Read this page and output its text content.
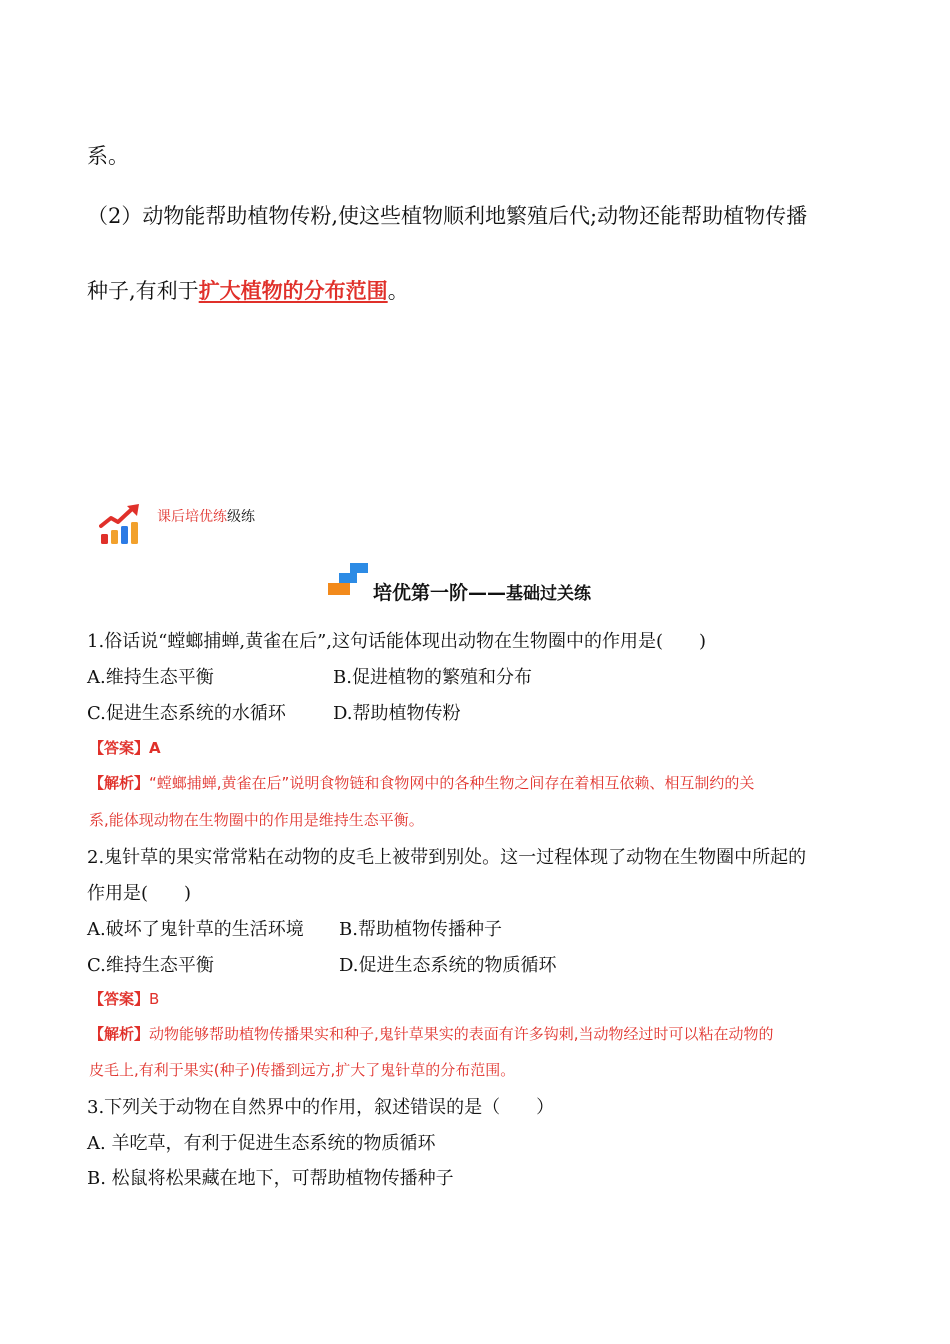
系。
（2）动物能帮助植物传粉,使这些植物顺利地繁殖后代;动物还能帮助植物传播
种子,有利于扩大植物的分布范围。
课后培优练级练
培优第一阶——基础过关练
1.俗话说“螳螂捕蝉,黄雀在后”,这句话能体现出动物在生物圈中的作用是(　　)
A.维持生态平衡	B.促进植物的繁殖和分布
C.促进生态系统的水循环	D.帮助植物传粉
【答案】A
【解析】“螳螂捕蝉,黄雀在后”说明食物链和食物网中的各种生物之间存在着相互依赖、相互制约的关
系,能体现动物在生物圈中的作用是维持生态平衡。
2.鬼针草的果实常常粘在动物的皮毛上被带到别处。这一过程体现了动物在生物圈中所起的
作用是(　　)
A.破坏了鬼针草的生活环境 B.帮助植物传播种子
C.维持生态平衡	D.促进生态系统的物质循环
【答案】B
【解析】动物能够帮助植物传播果实和种子,鬼针草果实的表面有许多钩刺,当动物经过时可以粘在动物的
皮毛上,有利于果实(种子)传播到远方,扩大了鬼针草的分布范围。
3.下列关于动物在自然界中的作用，叙述错误的是（　　）
A. 羊吃草，有利于促进生态系统的物质循环
B. 松鼠将松果藏在地下，可帮助植物传播种子
